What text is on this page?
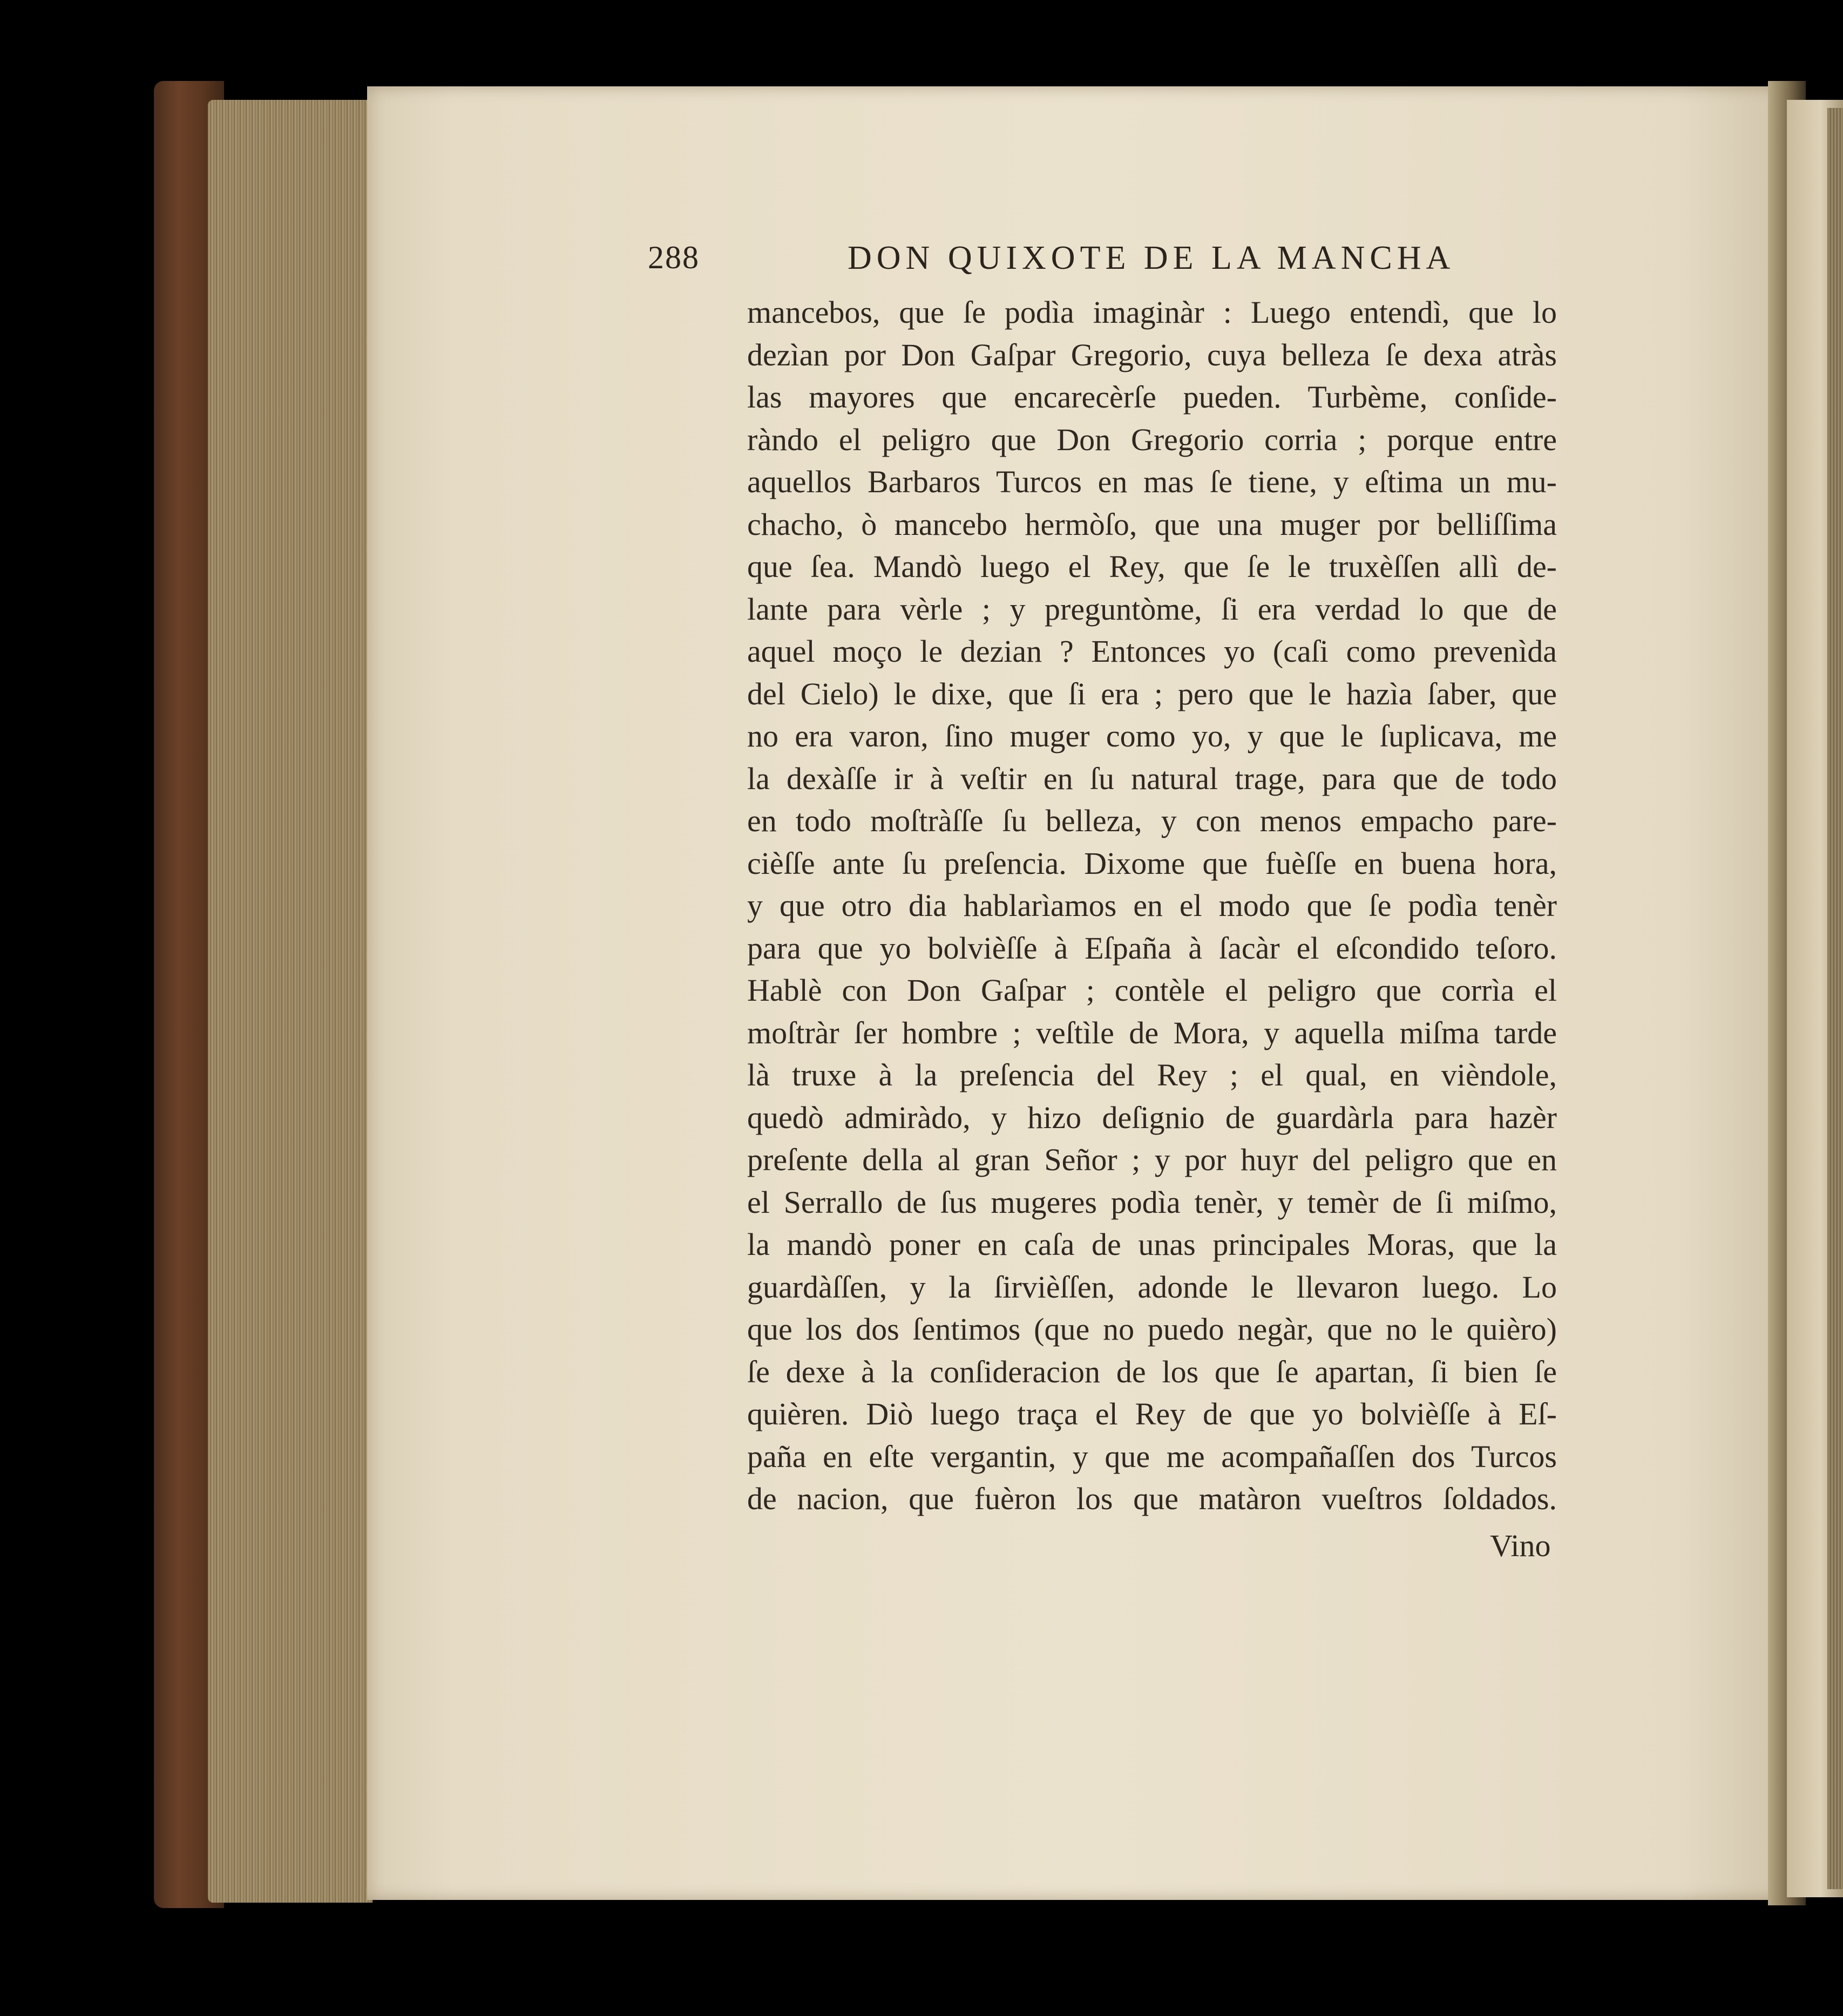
288	DON QUIXOTE DE LA MANCHA
mancebos, que ſe podìa imaginàr : Luego entendì, que lo
dezìan por Don Gaſpar Gregorio, cuya belleza ſe dexa atràs
las mayores que encarecèrſe pueden. Turbème, conſide-
ràndo el peligro que Don Gregorio corria ; porque entre
aquellos Barbaros Turcos en mas ſe tiene, y eſtima un mu-
chacho, ò mancebo hermòſo, que una muger por belliſſima
que ſea. Mandò luego el Rey, que ſe le truxèſſen allì de-
lante para vèrle ; y preguntòme, ſi era verdad lo que de
aquel moço le dezian ? Entonces yo (caſi como prevenìda
del Cielo) le dixe, que ſi era ; pero que le hazìa ſaber, que
no era varon, ſino muger como yo, y que le ſuplicava, me
la dexàſſe ir à veſtir en ſu natural trage, para que de todo
en todo moſtràſſe ſu belleza, y con menos empacho pare-
cièſſe ante ſu preſencia. Dixome que fuèſſe en buena hora,
y que otro dia hablarìamos en el modo que ſe podìa tenèr
para que yo bolvièſſe à Eſpaña à ſacàr el eſcondido teſoro.
Hablè con Don Gaſpar ; contèle el peligro que corrìa el
moſtràr ſer hombre ; veſtìle de Mora, y aquella miſma tarde
là truxe à la preſencia del Rey ; el qual, en vièndole,
quedò admiràdo, y hizo deſignio de guardàrla para hazèr
preſente della al gran Señor ; y por huyr del peligro que en
el Serrallo de ſus mugeres podìa tenèr, y temèr de ſi miſmo,
la mandò poner en caſa de unas principales Moras, que la
guardàſſen, y la ſirvièſſen, adonde le llevaron luego. Lo
que los dos ſentimos (que no puedo negàr, que no le quièro)
ſe dexe à la conſideracion de los que ſe apartan, ſi bien ſe
quièren. Diò luego traça el Rey de que yo bolvièſſe à Eſ-
paña en eſte vergantin, y que me acompañaſſen dos Turcos
de nacion, que fuèron los que matàron vueſtros ſoldados.
Vino
